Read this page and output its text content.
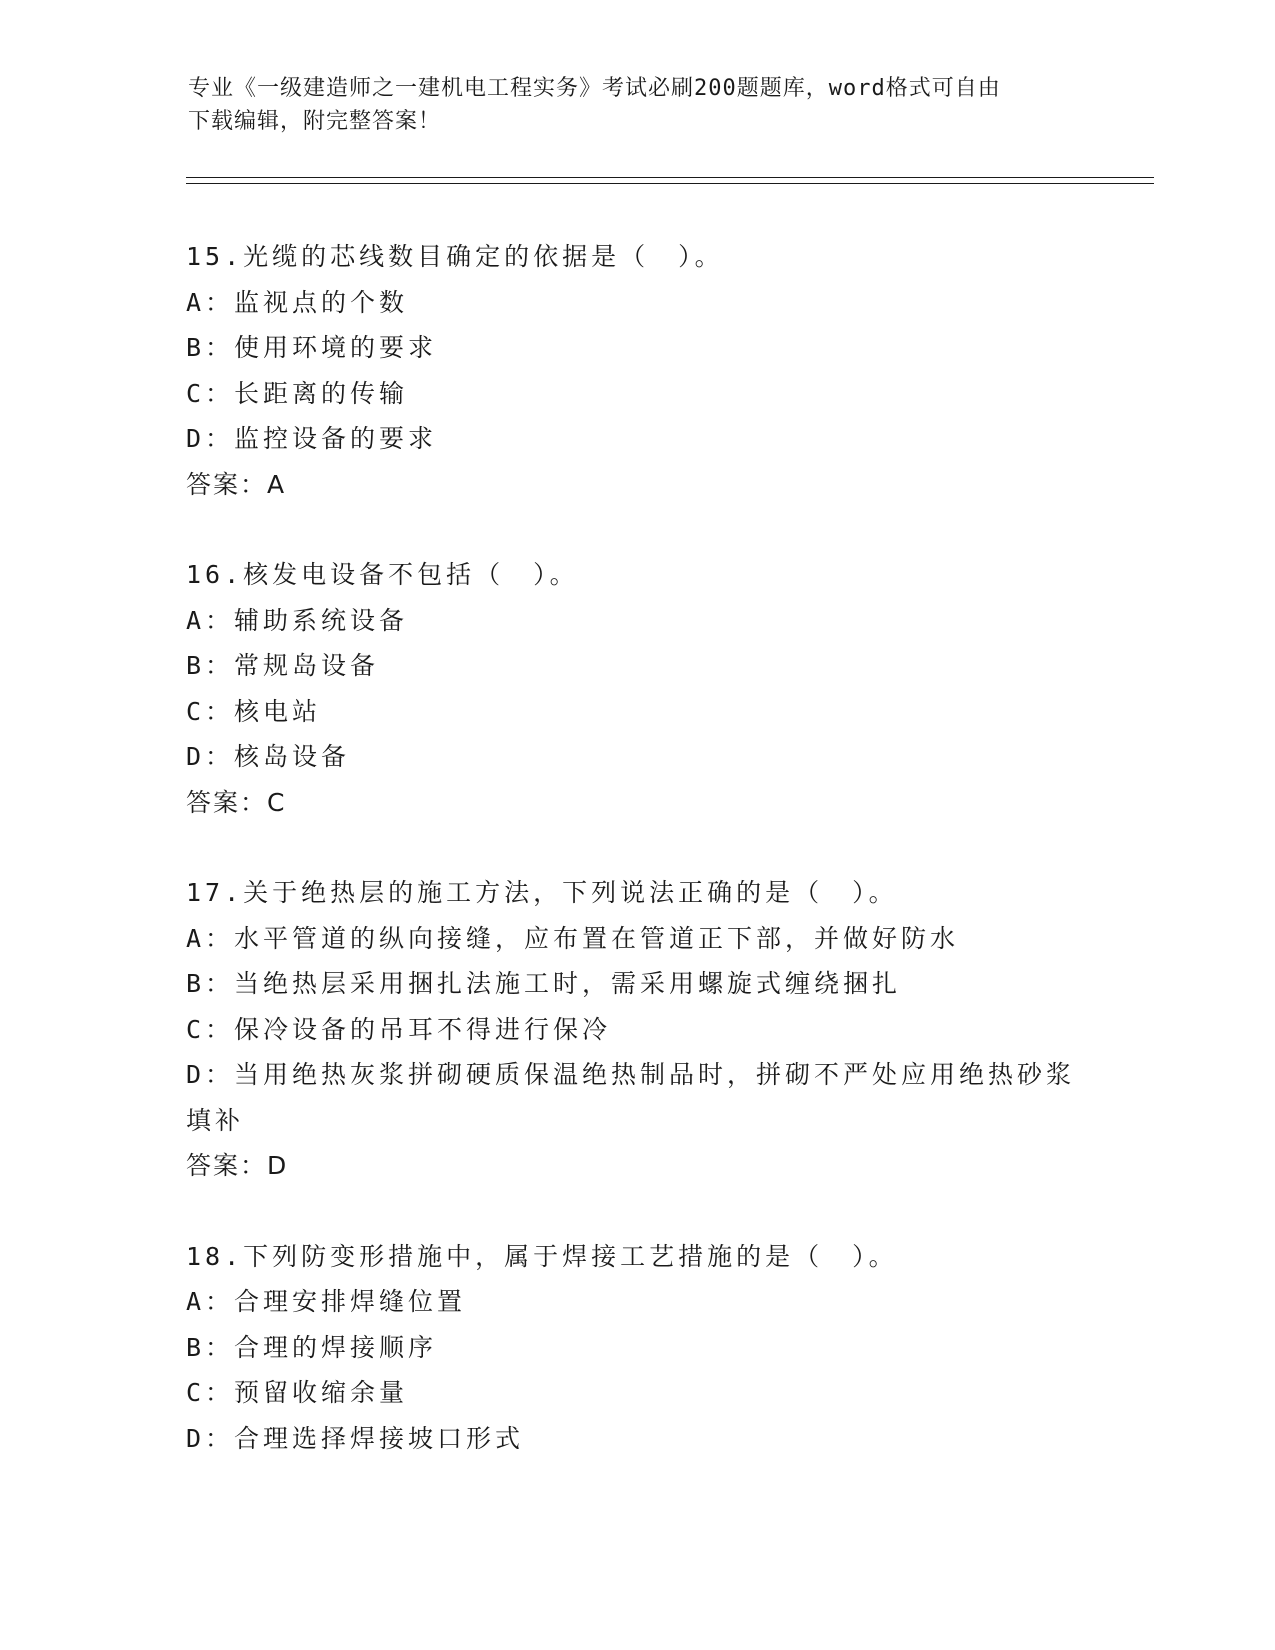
专业《一级建造师之一建机电工程实务》考试必刷200题题库，word格式可自由
下载编辑，附完整答案！
15.光缆的芯线数目确定的依据是（　）。
A：监视点的个数
B：使用环境的要求
C：长距离的传输
D：监控设备的要求
答案：A
16.核发电设备不包括（　）。
A：辅助系统设备
B：常规岛设备
C：核电站
D：核岛设备
答案：C
17.关于绝热层的施工方法，下列说法正确的是（　）。
A：水平管道的纵向接缝，应布置在管道正下部，并做好防水
B：当绝热层采用捆扎法施工时，需采用螺旋式缠绕捆扎
C：保冷设备的吊耳不得进行保冷
D：当用绝热灰浆拼砌硬质保温绝热制品时，拼砌不严处应用绝热砂浆填补
答案：D
18.下列防变形措施中，属于焊接工艺措施的是（　）。
A：合理安排焊缝位置
B：合理的焊接顺序
C：预留收缩余量
D：合理选择焊接坡口形式
